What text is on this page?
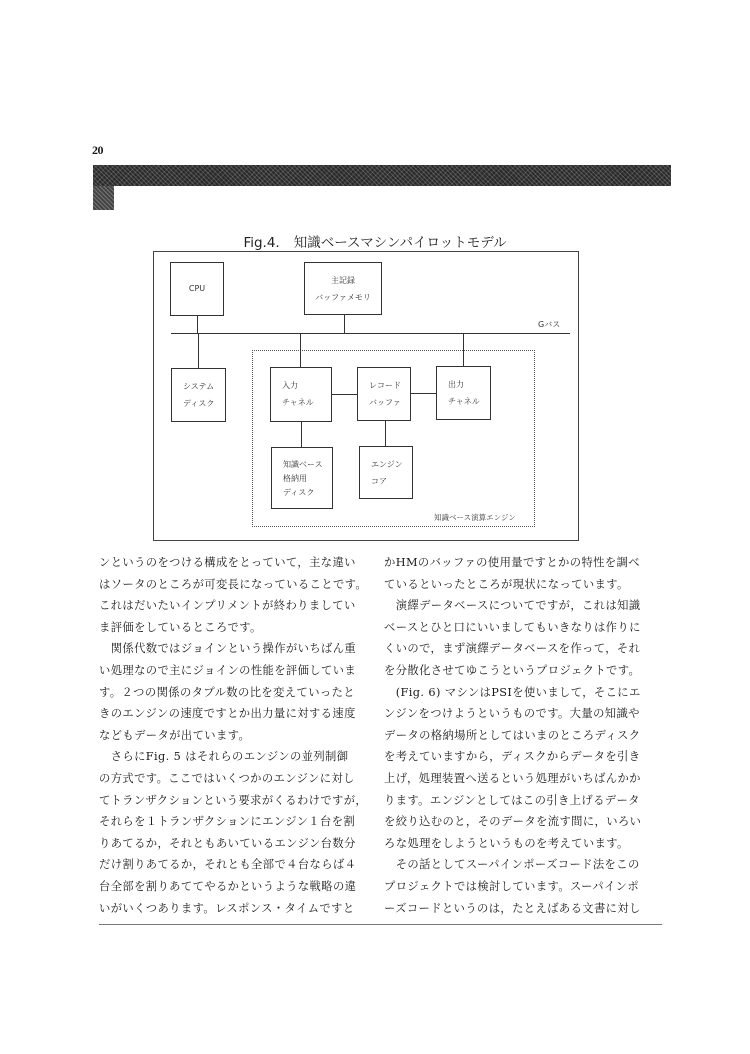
20
Fig.4. 知識ベースマシンパイロットモデル
Gバス
CPU
主記録
バッファメモリ
システム
ディスク
入力
チャネル
レコード
バッファ
出力
チャネル
知識ベース
格納用
ディスク
エンジン
コア
知識ベース演算エンジン
ンというのをつける構成をとっていて，主な違い
はソータのところが可変長になっていることです。
これはだいたいインプリメントが終わりましてい
ま評価をしているところです。
　関係代数ではジョインという操作がいちばん重
い処理なので主にジョインの性能を評価していま
す。２つの関係のタプル数の比を変えていったと
きのエンジンの速度ですとか出力量に対する速度
などもデータが出ています。
　さらにFig. 5 はそれらのエンジンの並列制御
の方式です。ここではいくつかのエンジンに対し
てトランザクションという要求がくるわけですが，
それらを１トランザクションにエンジン１台を割
りあてるか，それともあいているエンジン台数分
だけ割りあてるか，それとも全部で４台ならば４
台全部を割りあててやるかというような戦略の違
いがいくつあります。レスポンス・タイムですと
かHMのバッファの使用量ですとかの特性を調べ
ているといったところが現状になっています。
　演繹データベースについてですが，これは知識
ベースとひと口にいいましてもいきなりは作りに
くいので，まず演繹データベースを作って，それ
を分散化させてゆこうというプロジェクトです。
　(Fig. 6) マシンはPSIを使いまして，そこにエ
ンジンをつけようというものです。大量の知識や
データの格納場所としてはいまのところディスク
を考えていますから，ディスクからデータを引き
上げ，処理装置へ送るという処理がいちばんかか
ります。エンジンとしてはこの引き上げるデータ
を絞り込むのと，そのデータを流す間に，いろい
ろな処理をしようというものを考えています。
　その話としてスーパインポーズコード法をこの
プロジェクトでは検討しています。スーパインポ
ーズコードというのは，たとえばある文書に対し
